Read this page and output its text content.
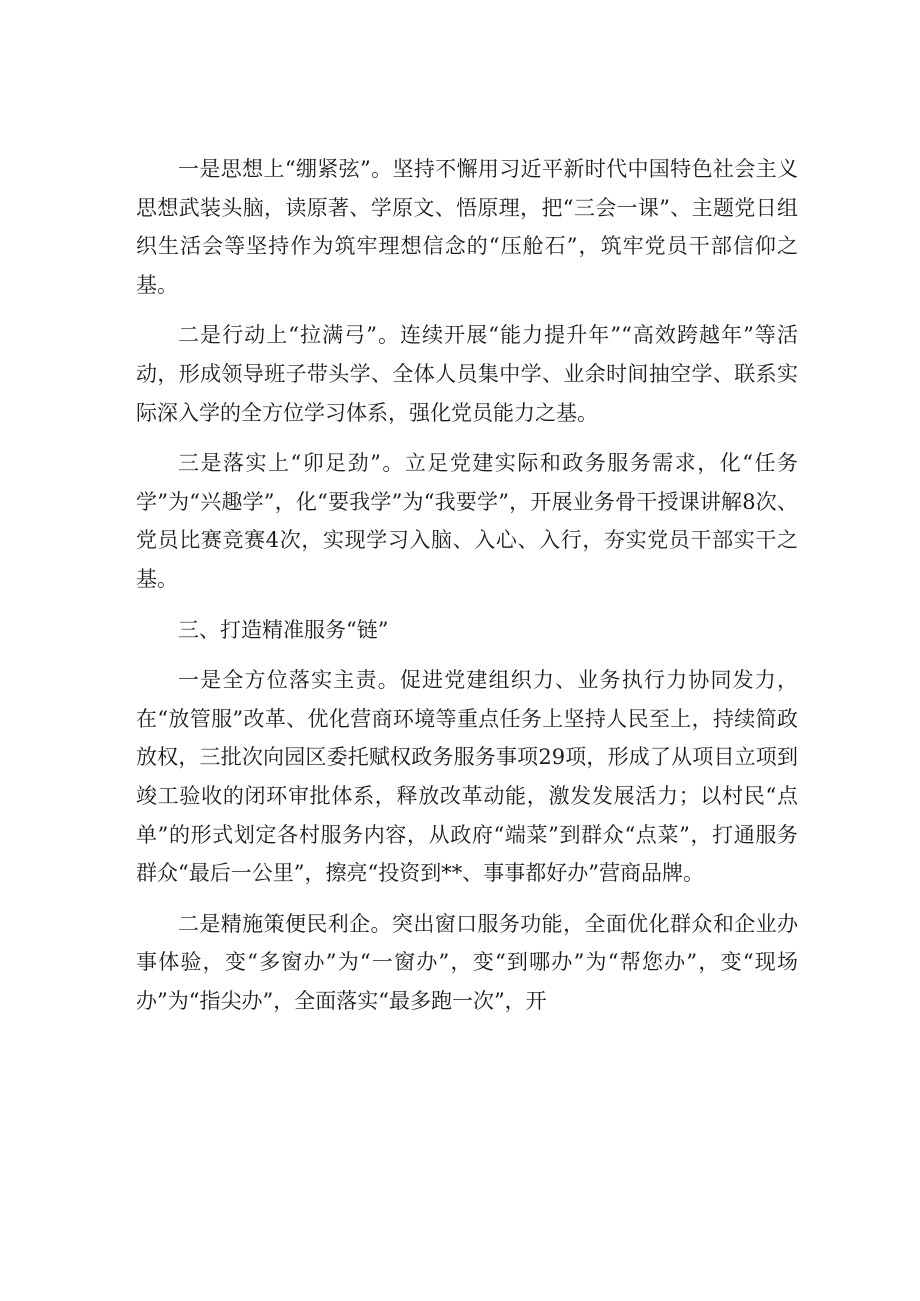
一是思想上“绷紧弦”。坚持不懈用习近平新时代中国特色社会主义思想武装头脑，读原著、学原文、悟原理，把“三会一课”、主题党日组织生活会等坚持作为筑牢理想信念的“压舱石”，筑牢党员干部信仰之基。

二是行动上“拉满弓”。连续开展“能力提升年”“高效跨越年”等活动，形成领导班子带头学、全体人员集中学、业余时间抽空学、联系实际深入学的全方位学习体系，强化党员能力之基。

三是落实上“卯足劲”。立足党建实际和政务服务需求，化“任务学”为“兴趣学”，化“要我学”为“我要学”，开展业务骨干授课讲解8次、党员比赛竞赛4次，实现学习入脑、入心、入行，夯实党员干部实干之基。

三、打造精准服务“链”

一是全方位落实主责。促进党建组织力、业务执行力协同发力，在“放管服”改革、优化营商环境等重点任务上坚持人民至上，持续简政放权，三批次向园区委托赋权政务服务事项29项，形成了从项目立项到竣工验收的闭环审批体系，释放改革动能，激发发展活力；以村民“点单”的形式划定各村服务内容，从政府“端菜”到群众“点菜”，打通服务群众“最后一公里”，擦亮“投资到**、事事都好办”营商品牌。

二是精施策便民利企。突出窗口服务功能，全面优化群众和企业办事体验，变“多窗办”为“一窗办”，变“到哪办”为“帮您办”，变“现场办”为“指尖办”，全面落实“最多跑一次”，开
